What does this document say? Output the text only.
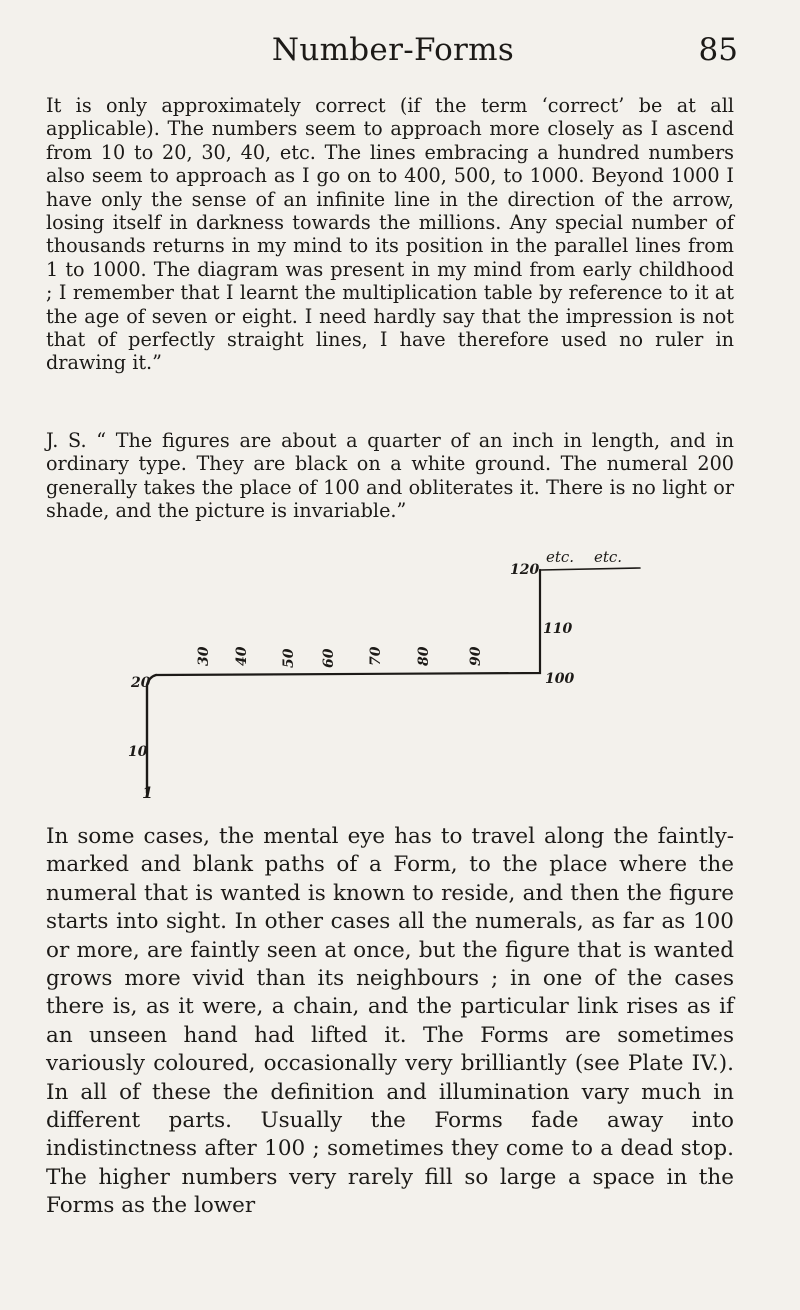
Number-Forms	85

It is only approximately correct (if the term ‘correct’ be at all applicable). The numbers seem to approach more closely as I ascend from 10 to 20, 30, 40, etc. The lines embracing a hundred numbers also seem to approach as I go on to 400, 500, to 1000. Beyond 1000 I have only the sense of an infinite line in the direction of the arrow, losing itself in darkness towards the millions. Any special number of thousands returns in my mind to its position in the parallel lines from 1 to 1000. The diagram was present in my mind from early childhood ; I remember that I learnt the multiplication table by reference to it at the age of seven or eight. I need hardly say that the impression is not that of perfectly straight lines, I have therefore used no ruler in drawing it.”

J. S. “ The figures are about a quarter of an inch in length, and in ordinary type. They are black on a white ground. The numeral 200 generally takes the place of 100 and obliterates it. There is no light or shade, and the picture is invariable.”

1
10
20
30 40 50 60 70 80	90
100
110
120
etc. etc.

In some cases, the mental eye has to travel along the faintly-marked and blank paths of a Form, to the place where the numeral that is wanted is known to reside, and then the figure starts into sight. In other cases all the numerals, as far as 100 or more, are faintly seen at once, but the figure that is wanted grows more vivid than its neighbours ; in one of the cases there is, as it were, a chain, and the particular link rises as if an unseen hand had lifted it. The Forms are sometimes variously coloured, occasionally very brilliantly (see Plate IV.). In all of these the definition and illumination vary much in different parts. Usually the Forms fade away into indistinctness after 100 ; sometimes they come to a dead stop. The higher numbers very rarely fill so large a space in the Forms as the lower
